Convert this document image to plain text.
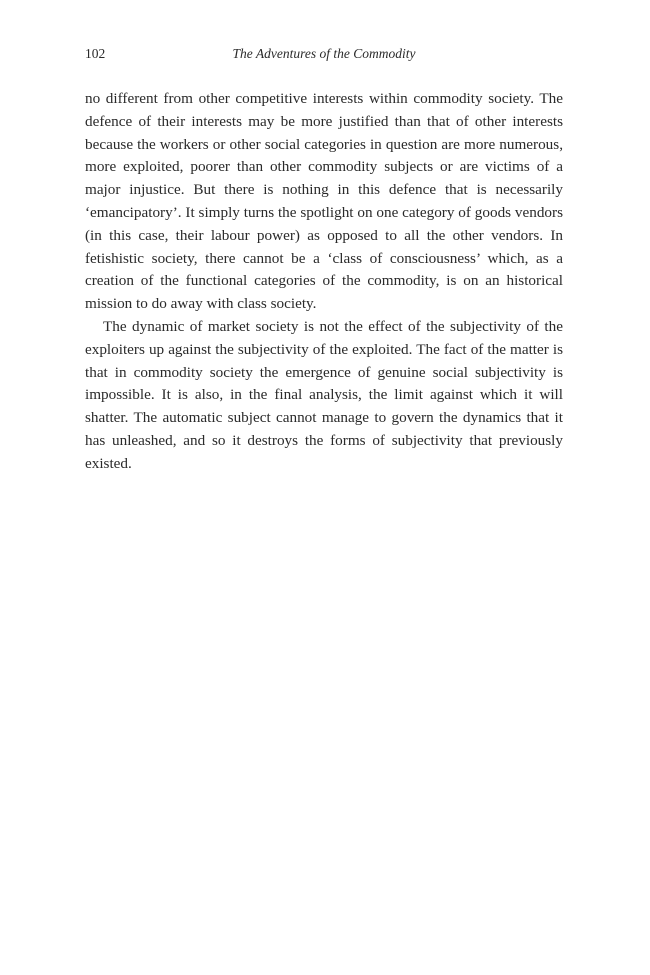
102	The Adventures of the Commodity

no different from other competitive interests within commodity society. The defence of their interests may be more justified than that of other interests because the workers or other social categories in question are more numerous, more exploited, poorer than other commodity subjects or are victims of a major injustice. But there is nothing in this defence that is necessarily ‘emancipatory’. It simply turns the spotlight on one category of goods vendors (in this case, their labour power) as opposed to all the other vendors. In fetishistic society, there cannot be a ‘class of consciousness’ which, as a creation of the functional categories of the commodity, is on an historical mission to do away with class society.

The dynamic of market society is not the effect of the subjectivity of the exploiters up against the subjectivity of the exploited. The fact of the matter is that in commodity society the emergence of genuine social subjectivity is impossible. It is also, in the final analysis, the limit against which it will shatter. The automatic subject cannot manage to govern the dynamics that it has unleashed, and so it destroys the forms of subjectivity that previously existed.
